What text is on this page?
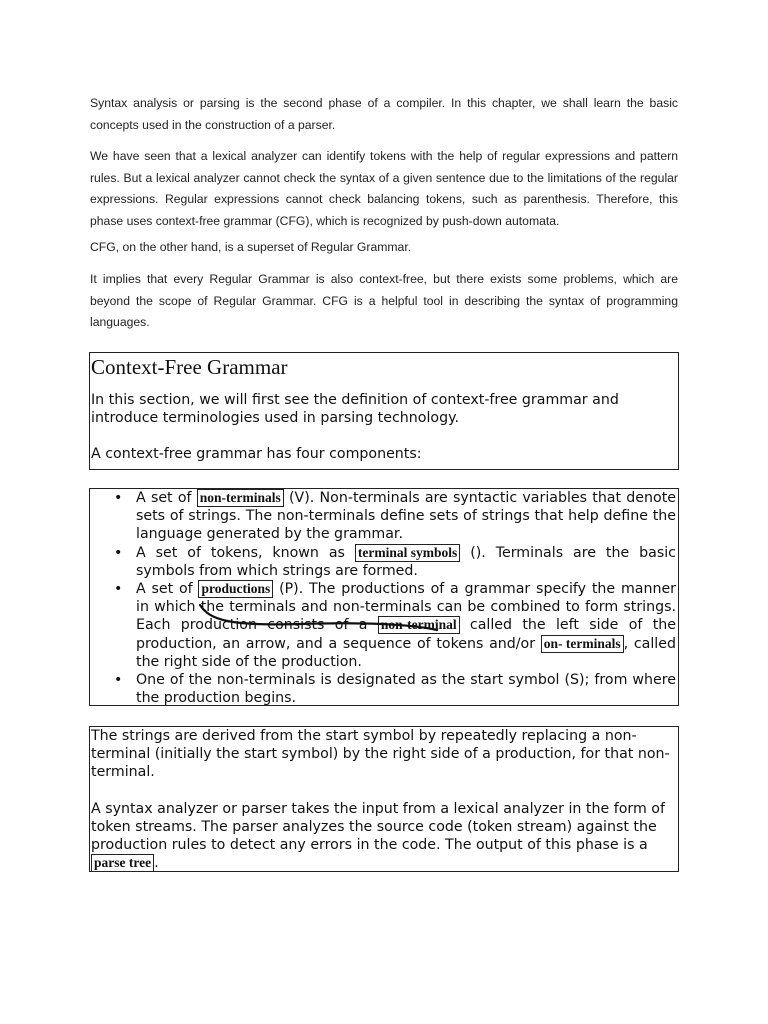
Syntax analysis or parsing is the second phase of a compiler. In this chapter, we shall learn the basic concepts used in the construction of a parser.

We have seen that a lexical analyzer can identify tokens with the help of regular expressions and pattern rules. But a lexical analyzer cannot check the syntax of a given sentence due to the limitations of the regular expressions. Regular expressions cannot check balancing tokens, such as parenthesis. Therefore, this phase uses context-free grammar (CFG), which is recognized by push-down automata.

CFG, on the other hand, is a superset of Regular Grammar.

It implies that every Regular Grammar is also context-free, but there exists some problems, which are beyond the scope of Regular Grammar. CFG is a helpful tool in describing the syntax of programming languages.

Context-Free Grammar

In this section, we will first see the definition of context-free grammar and introduce terminologies used in parsing technology.

A context-free grammar has four components:

• A set of non-terminals (V). Non-terminals are syntactic variables that denote sets of strings. The non-terminals define sets of strings that help define the language generated by the grammar.
• A set of tokens, known as terminal symbols (). Terminals are the basic symbols from which strings are formed.
• A set of productions (P). The productions of a grammar specify the manner in which the terminals and non-terminals can be combined to form strings. Each production consists of a non-terminal called the left side of the production, an arrow, and a sequence of tokens and/or on- terminals , called the right side of the production.
• One of the non-terminals is designated as the start symbol (S); from where the production begins.

The strings are derived from the start symbol by repeatedly replacing a non-terminal (initially the start symbol) by the right side of a production, for that non-terminal.

A syntax analyzer or parser takes the input from a lexical analyzer in the form of token streams. The parser analyzes the source code (token stream) against the production rules to detect any errors in the code. The output of this phase is a parse tree .
